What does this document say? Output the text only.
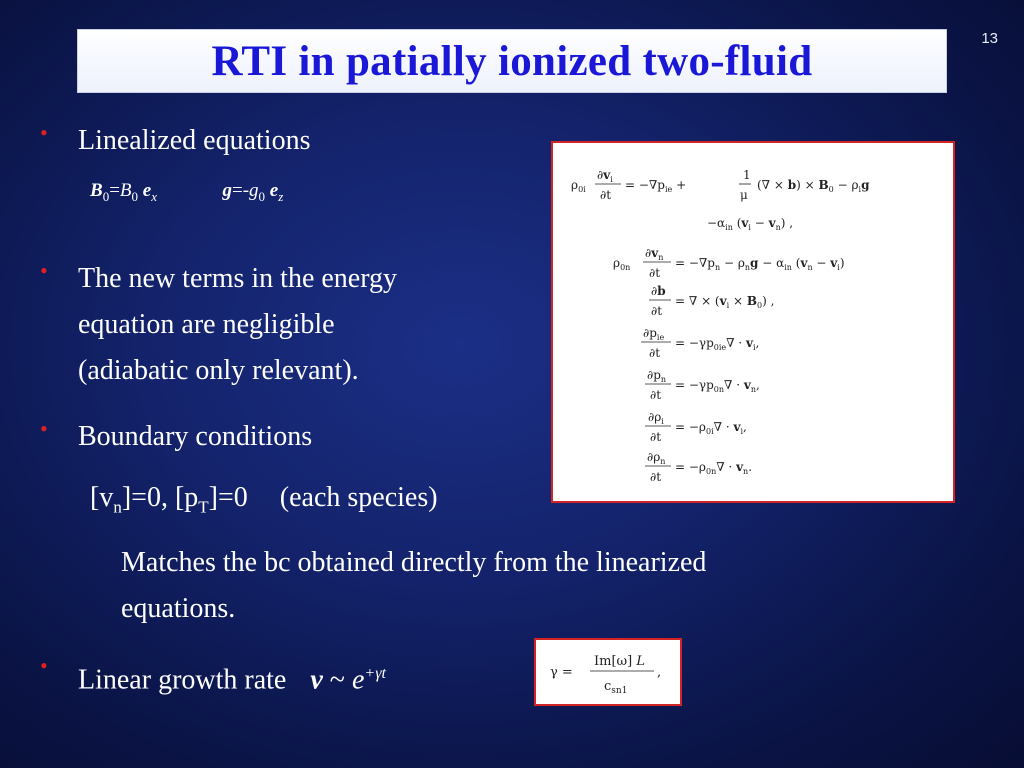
13
RTI in patially ionized two-fluid
•	Linealized equations
$B_0=B_0$ $e_x$	$g=-g_0$ $e_z$
•	The new terms in the energy
equation are negligible
(adiabatic only relevant).
•	Boundary conditions
$[v_n]=0$, $[p_T]=0$ (each species)
Matches the bc obtained directly from the linearized
equations.
•	Linear growth rate v ~ $e^{+\gamma t}$
$\rho_{0i}$
$\partial v_i$
∂t
= $-\nabla p_{ie}$ +
1
μ
(∇ × $b) \times B_0 - \rho_ig$
$-\alpha_{in}$ $(v_i - v_n)$ ,
$\rho_{0n}$
$\partial v_n$
∂t
= $-\nabla p_n - \rho_ng - \alpha_{in}$ $(v_n - v_i)$
∂b
∂t
= ∇ × $(v_i \times B_0)$ ,
$\partial p_{ie}$
∂t
= $-\gamma p_{0ie}\nabla \cdot v_i$,
$\partial p_n$
∂t
= $-\gamma p_{0n}\nabla \cdot v_n$,
$\partial\rho_i$
∂t
= $-\rho_{0i}\nabla \cdot v_i$,
$\partial\rho_n$
∂t
= $-\rho_{0n}\nabla \cdot v_n$.
γ =
Im[ω] L
$c_{sn1}$
,
